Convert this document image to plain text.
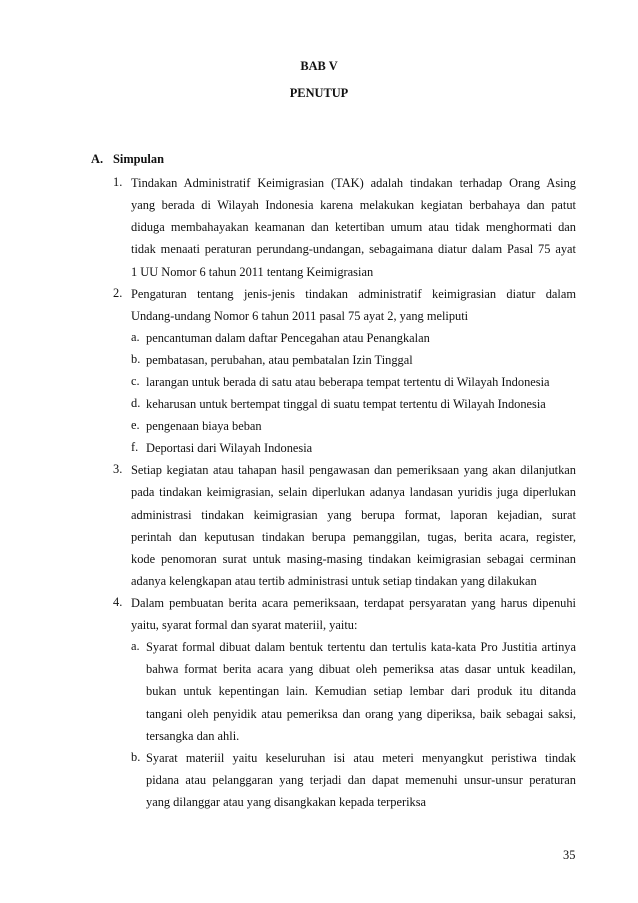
BAB V
PENUTUP
A. Simpulan
1. Tindakan Administratif Keimigrasian (TAK) adalah tindakan terhadap Orang Asing
yang berada di Wilayah Indonesia karena melakukan kegiatan berbahaya dan patut
diduga membahayakan keamanan dan ketertiban umum atau tidak menghormati dan
tidak menaati peraturan perundang-undangan, sebagaimana diatur dalam Pasal 75 ayat
1 UU Nomor 6 tahun 2011 tentang Keimigrasian
2. Pengaturan tentang jenis-jenis tindakan administratif keimigrasian diatur dalam
Undang-undang Nomor 6 tahun 2011 pasal 75 ayat 2, yang meliputi
a. pencantuman dalam daftar Pencegahan atau Penangkalan
b. pembatasan, perubahan, atau pembatalan Izin Tinggal
c. larangan untuk berada di satu atau beberapa tempat tertentu di Wilayah Indonesia
d. keharusan untuk bertempat tinggal di suatu tempat tertentu di Wilayah Indonesia
e. pengenaan biaya beban
f. Deportasi dari Wilayah Indonesia
3. Setiap kegiatan atau tahapan hasil pengawasan dan pemeriksaan yang akan dilanjutkan
pada tindakan keimigrasian, selain diperlukan adanya landasan yuridis juga diperlukan
administrasi tindakan keimigrasian yang berupa format, laporan kejadian, surat
perintah dan keputusan tindakan berupa pemanggilan, tugas, berita acara, register,
kode penomoran surat untuk masing-masing tindakan keimigrasian sebagai cerminan
adanya kelengkapan atau tertib administrasi untuk setiap tindakan yang dilakukan
4. Dalam pembuatan berita acara pemeriksaan, terdapat persyaratan yang harus dipenuhi
yaitu, syarat formal dan syarat materiil, yaitu:
a. Syarat formal dibuat dalam bentuk tertentu dan tertulis kata-kata Pro Justitia artinya
bahwa format berita acara yang dibuat oleh pemeriksa atas dasar untuk keadilan,
bukan untuk kepentingan lain. Kemudian setiap lembar dari produk itu ditanda
tangani oleh penyidik atau pemeriksa dan orang yang diperiksa, baik sebagai saksi,
tersangka dan ahli.
b. Syarat materiil yaitu keseluruhan isi atau meteri menyangkut peristiwa tindak
pidana atau pelanggaran yang terjadi dan dapat memenuhi unsur-unsur peraturan
yang dilanggar atau yang disangkakan kepada terperiksa
35
